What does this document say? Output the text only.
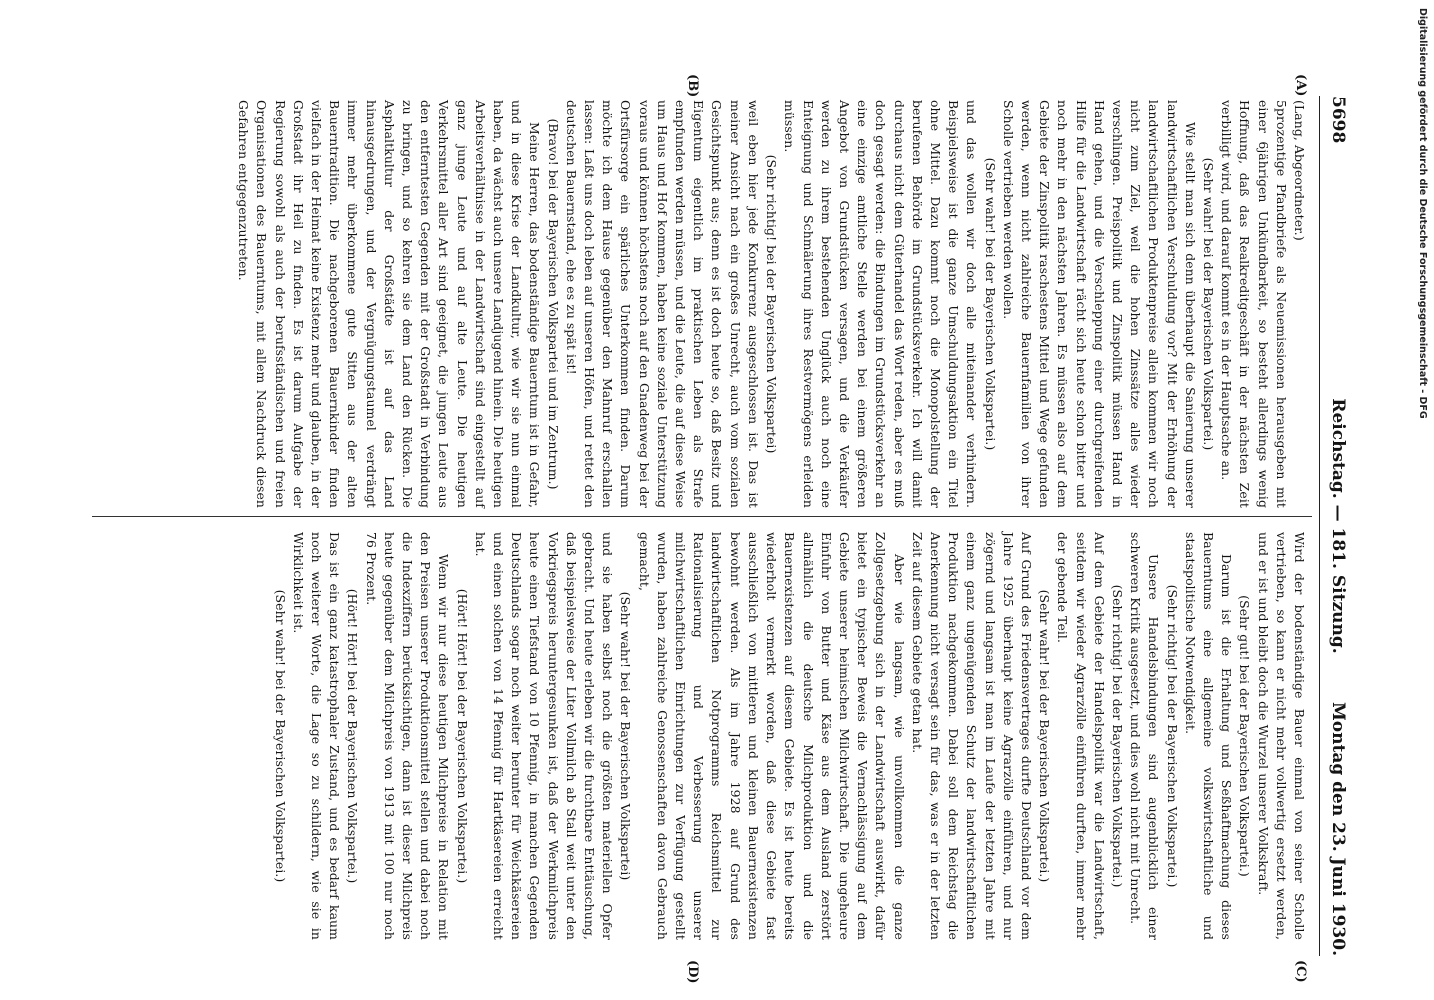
5698
Reichstag. — 181. Sitzung.
Montag den 23. Juni 1930.
(A)
(B)
(C)
(D)

(Lang, Abgeordneter.)

5prozentige Pfandbriefe als Neuemissionen herausgeben mit einer 6jährigen Unkündbarkeit, so besteht allerdings wenig Hoffnung, daß das Realkreditgeschäft in der nächsten Zeit verbilligt wird, und darauf kommt es in der Hauptsache an.

(Sehr wahr! bei der Bayerischen Volkspartei.)

Wie stellt man sich denn überhaupt die Sanierung unserer landwirtschaftlichen Verschuldung vor? Mit der Erhöhung der landwirtschaftlichen Produktenpreise allein kommen wir noch nicht zum Ziel, weil die hohen Zinssätze alles wieder verschlingen. Preispolitik und Zinspolitik müssen Hand in Hand gehen, und die Verschleppung einer durchgreifenden Hilfe für die Landwirtschaft rächt sich heute schon bitter und noch mehr in den nächsten Jahren. Es müssen also auf dem Gebiete der Zinspolitik raschestens Mittel und Wege gefunden werden, wenn nicht zahlreiche Bauernfamilien von ihrer Scholle vertrieben werden wollen.

(Sehr wahr! bei der Bayerischen Volkspartei.)

und das wollen wir doch alle miteinander verhindern. Beispielsweise ist die ganze Umschuldungsaktion ein Titel ohne Mittel. Dazu kommt noch die Monopolstellung der berufenen Behörde im Grundstücksverkehr. Ich will damit durchaus nicht dem Güterhandel das Wort reden, aber es muß doch gesagt werden: die Bindungen im Grundstücksverkehr an eine einzige amtliche Stelle werden bei einem größeren Angebot von Grundstücken versagen, und die Verkäufer werden zu ihrem bestehenden Unglück auch noch eine Enteignung und Schmälerung ihres Restvermögens erleiden müssen.

(Sehr richtig! bei der Bayerischen Volkspartei)

weil eben hier jede Konkurrenz ausgeschlossen ist. Das ist meiner Ansicht nach ein großes Unrecht, auch vom sozialen Gesichtspunkt aus; denn es ist doch heute so, daß Besitz und Eigentum eigentlich im praktischen Leben als Strafe empfunden werden müssen, und die Leute, die auf diese Weise um Haus und Hof kommen, haben keine soziale Unterstützung voraus und können höchstens noch auf den Gnadenweg bei der Ortsfürsorge ein spärliches Unterkommen finden. Darum möchte ich dem Hause gegenüber den Mahnruf erschallen lassen: Laßt uns doch leben auf unseren Höfen, und rettet den deutschen Bauernstand, ehe es zu spät ist!

(Bravo! bei der Bayerischen Volkspartei und im Zentrum.)

Meine Herren, das bodenständige Bauerntum ist in Gefahr, und in diese Krise der Landkultur, wie wir sie nun einmal haben, da wächst auch unsere Landjugend hinein. Die heutigen Arbeitsverhältnisse in der Landwirtschaft sind eingestellt auf ganz junge Leute und auf alte Leute. Die heutigen Verkehrsmittel aller Art sind geeignet, die jungen Leute aus den entferntesten Gegenden mit der Großstadt in Verbindung zu bringen, und so kehren sie dem Land den Rücken. Die Asphaltkultur der Großstädte ist auf das Land hinausgedrungen, und der Vergnügungstaumel verdrängt immer mehr überkommene gute Sitten aus der alten Bauerntradition. Die nachgeborenen Bauernkinder finden vielfach in der Heimat keine Existenz mehr und glauben, in der Großstadt ihr Heil zu finden. Es ist darum Aufgabe der Regierung sowohl als auch der berufsständischen und freien Organisationen des Bauerntums, mit allem Nachdruck diesen Gefahren entgegenzutreten.

Wird der bodenständige Bauer einmal von seiner Scholle vertrieben, so kann er nicht mehr vollwertig ersetzt werden, und er ist und bleibt doch die Wurzel unserer Volkskraft.

(Sehr gut! bei der Bayerischen Volkspartei.)

Darum ist die Erhaltung und Seßhaftmachung dieses Bauerntums eine allgemeine volkswirtschaftliche und staatspolitische Notwendigkeit.

(Sehr richtig! bei der Bayerischen Volkspartei.)

Unsere Handelsbindungen sind augenblicklich einer schweren Kritik ausgesetzt, und dies wohl nicht mit Unrecht.

(Sehr richtig! bei der Bayerischen Volkspartei.)

Auf dem Gebiete der Handelspolitik war die Landwirtschaft, seitdem wir wieder Agrarzölle einführen durften, immer mehr der gebende Teil.

(Sehr wahr! bei der Bayerischen Volkspartei.)

Auf Grund des Friedensvertrages durfte Deutschland vor dem Jahre 1925 überhaupt keine Agrarzölle einführen, und nur zögernd und langsam ist man im Laufe der letzten Jahre mit einem ganz ungenügenden Schutz der landwirtschaftlichen Produktion nachgekommen. Dabei soll dem Reichstag die Anerkennung nicht versagt sein für das, was er in der letzten Zeit auf diesem Gebiete getan hat.

Aber wie langsam, wie unvollkommen die ganze Zollgesetzgebung sich in der Landwirtschaft auswirkt, dafür bietet ein typischer Beweis die Vernachlässigung auf dem Gebiete unserer heimischen Milchwirtschaft. Die ungeheure Einfuhr von Butter und Käse aus dem Ausland zerstört allmählich die deutsche Milchproduktion und die Bauernexistenzen auf diesem Gebiete. Es ist heute bereits wiederholt vermerkt worden, daß diese Gebiete fast ausschließlich von mittleren und kleinen Bauernexistenzen bewohnt werden. Als im Jahre 1928 auf Grund des landwirtschaftlichen Notprogramms Reichsmittel zur Rationalisierung und Verbesserung unserer milchwirtschaftlichen Einrichtungen zur Verfügung gestellt wurden, haben zahlreiche Genossenschaften davon Gebrauch gemacht,

(Sehr wahr! bei der Bayerischen Volkspartei)

und sie haben selbst noch die größten materiellen Opfer gebracht. Und heute erleben wir die furchtbare Enttäuschung, daß beispielsweise der Liter Vollmilch ab Stall weit unter den Vorkriegspreis heruntergesunken ist, daß der Werkmilchpreis heute einen Tiefstand von 10 Pfennig, in manchen Gegenden Deutschlands sogar noch weiter herunter für Weichkäsereien und einen solchen von 14 Pfennig für Hartkäsereien erreicht hat.

(Hört! Hört! bei der Bayerischen Volkspartei.)

Wenn wir nur diese heutigen Milchpreise in Relation mit den Preisen unserer Produktionsmittel stellen und dabei noch die Indexziffern berücksichtigen, dann ist dieser Milchpreis heute gegenüber dem Milchpreis von 1913 mit 100 nur noch 76 Prozent.

(Hört! Hört! bei der Bayerischen Volkspartei.)

Das ist ein ganz katastrophaler Zustand, und es bedarf kaum noch weiterer Worte, die Lage so zu schildern, wie sie in Wirklichkeit ist.

(Sehr wahr! bei der Bayerischen Volkspartei.)

Digitalisierung gefördert durch die Deutsche Forschungsgemeinschaft - DFG
